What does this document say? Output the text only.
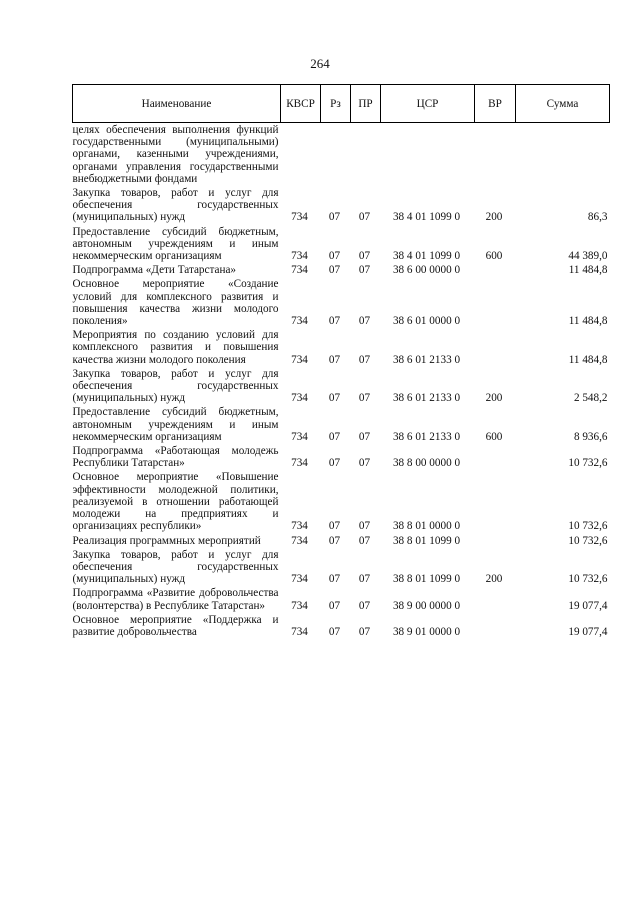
264
Наименование	КВСР	Рз	ПР	ЦСР	ВР	Сумма
целях обеспечения выполнения функций государственными (муниципальными) органами, казенными учреждениями, органами управления государственными внебюджетными фондами						
Закупка товаров, работ и услуг для обеспечения государственных (муниципальных) нужд	734	07	07	38 4 01 1099 0	200	86,3
Предоставление субсидий бюджетным, автономным учреждениям и иным некоммерческим организациям	734	07	07	38 4 01 1099 0	600	44 389,0
Подпрограмма «Дети Татарстана»	734	07	07	38 6 00 0000 0		11 484,8
Основное мероприятие «Создание условий для комплексного развития и повышения качества жизни молодого поколения»	734	07	07	38 6 01 0000 0		11 484,8
Мероприятия по созданию условий для комплексного развития и повышения качества жизни молодого поколения	734	07	07	38 6 01 2133 0		11 484,8
Закупка товаров, работ и услуг для обеспечения государственных (муниципальных) нужд	734	07	07	38 6 01 2133 0	200	2 548,2
Предоставление субсидий бюджетным, автономным учреждениям и иным некоммерческим организациям	734	07	07	38 6 01 2133 0	600	8 936,6
Подпрограмма «Работающая молодежь Республики Татарстан»	734	07	07	38 8 00 0000 0		10 732,6
Основное мероприятие «Повышение эффективности молодежной политики, реализуемой в отношении работающей молодежи на предприятиях и организациях республики»	734	07	07	38 8 01 0000 0		10 732,6
Реализация программных мероприятий	734	07	07	38 8 01 1099 0		10 732,6
Закупка товаров, работ и услуг для обеспечения государственных (муниципальных) нужд	734	07	07	38 8 01 1099 0	200	10 732,6
Подпрограмма «Развитие добровольчества (волонтерства) в Республике Татарстан»	734	07	07	38 9 00 0000 0		19 077,4
Основное мероприятие «Поддержка и развитие добровольчества	734	07	07	38 9 01 0000 0		19 077,4
